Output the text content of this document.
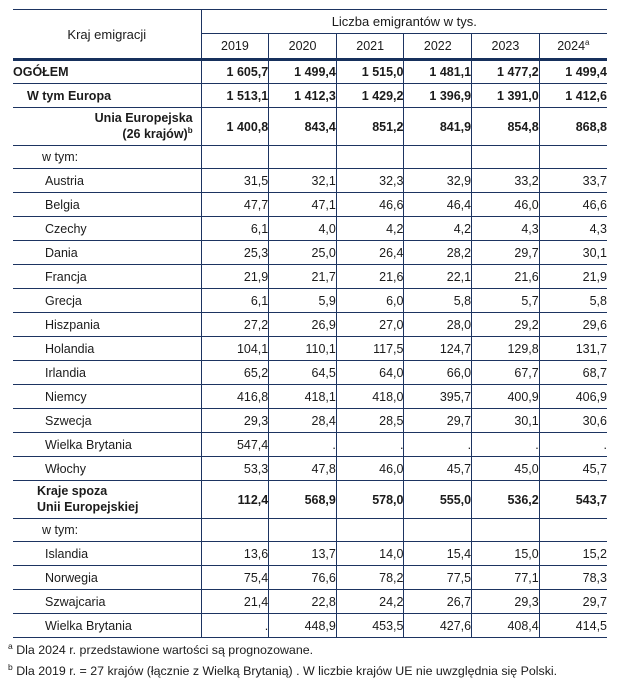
Kraj emigracji	Liczba emigrantów w tys.					
	2019	2020	2021	2022	2023	2024$^a$
OGÓŁEM	1 605,7	1 499,4	1 515,0	1 481,1	1 477,2	1 499,4
W tym Europa	1 513,1	1 412,3	1 429,2	1 396,9	1 391,0	1 412,6
Unia Europejska
(26 krajów)$^b$	1 400,8	843,4	851,2	841,9	854,8	868,8
w tym:						
Austria	31,5	32,1	32,3	32,9	33,2	33,7
Belgia	47,7	47,1	46,6	46,4	46,0	46,6
Czechy	6,1	4,0	4,2	4,2	4,3	4,3
Dania	25,3	25,0	26,4	28,2	29,7	30,1
Francja	21,9	21,7	21,6	22,1	21,6	21,9
Grecja	6,1	5,9	6,0	5,8	5,7	5,8
Hiszpania	27,2	26,9	27,0	28,0	29,2	29,6
Holandia	104,1	110,1	117,5	124,7	129,8	131,7
Irlandia	65,2	64,5	64,0	66,0	67,7	68,7
Niemcy	416,8	418,1	418,0	395,7	400,9	406,9
Szwecja	29,3	28,4	28,5	29,7	30,1	30,6
Wielka Brytania	547,4	.	.	.	.	.
Włochy	53,3	47,8	46,0	45,7	45,0	45,7
Kraje spoza
Unii Europejskiej	112,4	568,9	578,0	555,0	536,2	543,7
w tym:						
Islandia	13,6	13,7	14,0	15,4	15,0	15,2
Norwegia	75,4	76,6	78,2	77,5	77,1	78,3
Szwajcaria	21,4	22,8	24,2	26,7	29,3	29,7
Wielka Brytania	.	448,9	453,5	427,6	408,4	414,5
$^a$ Dla 2024 r. przedstawione wartości są prognozowane.
$^b$ Dla 2019 r. = 27 krajów (łącznie z Wielką Brytanią) . W liczbie krajów UE nie uwzględnia się Polski.
